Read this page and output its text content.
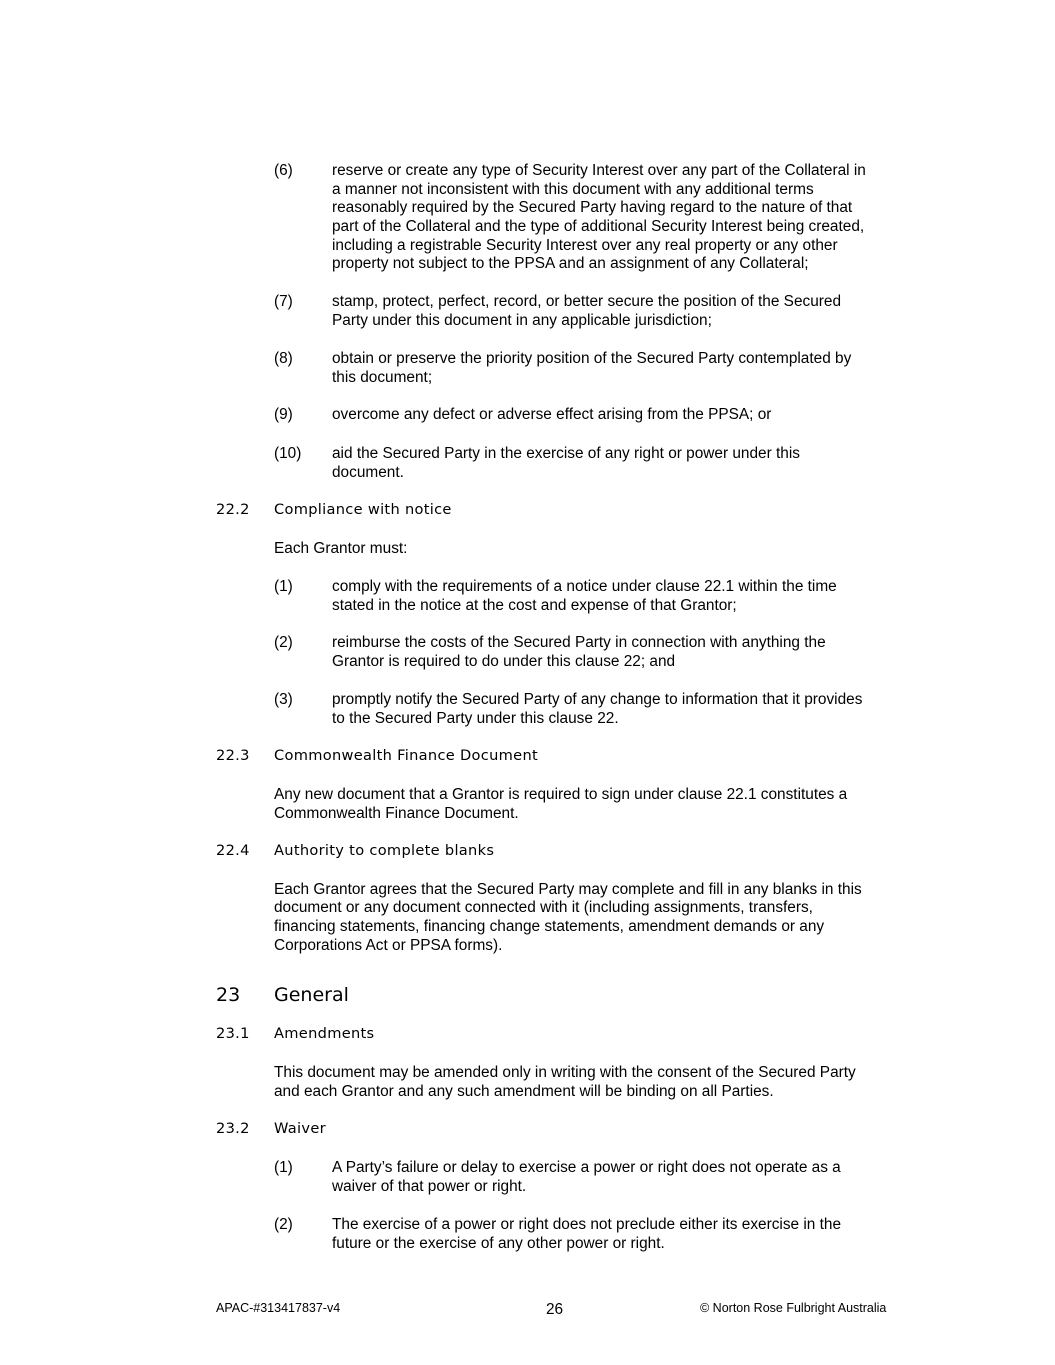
(6)	reserve or create any type of Security Interest over any part of the Collateral in
a manner not inconsistent with this document with any additional terms
reasonably required by the Secured Party having regard to the nature of that
part of the Collateral and the type of additional Security Interest being created,
including a registrable Security Interest over any real property or any other
property not subject to the PPSA and an assignment of any Collateral;
(7)	stamp, protect, perfect, record, or better secure the position of the Secured
Party under this document in any applicable jurisdiction;
(8)	obtain or preserve the priority position of the Secured Party contemplated by
this document;
(9)	overcome any defect or adverse effect arising from the PPSA; or
(10) aid the Secured Party in the exercise of any right or power under this
document.
22.2 Compliance with notice
Each Grantor must:
(1)	comply with the requirements of a notice under clause 22.1 within the time
stated in the notice at the cost and expense of that Grantor;
(2)	reimburse the costs of the Secured Party in connection with anything the
Grantor is required to do under this clause 22; and
(3)	promptly notify the Secured Party of any change to information that it provides
to the Secured Party under this clause 22.
22.3 Commonwealth Finance Document
Any new document that a Grantor is required to sign under clause 22.1 constitutes a
Commonwealth Finance Document.
22.4 Authority to complete blanks
Each Grantor agrees that the Secured Party may complete and fill in any blanks in this
document or any document connected with it (including assignments, transfers,
financing statements, financing change statements, amendment demands or any
Corporations Act or PPSA forms).
23 General
23.1 Amendments
This document may be amended only in writing with the consent of the Secured Party
and each Grantor and any such amendment will be binding on all Parties.
23.2 Waiver
(1)	A Party’s failure or delay to exercise a power or right does not operate as a
waiver of that power or right.
(2)	The exercise of a power or right does not preclude either its exercise in the
future or the exercise of any other power or right.
APAC-#313417837-v4	26	© Norton Rose Fulbright Australia
